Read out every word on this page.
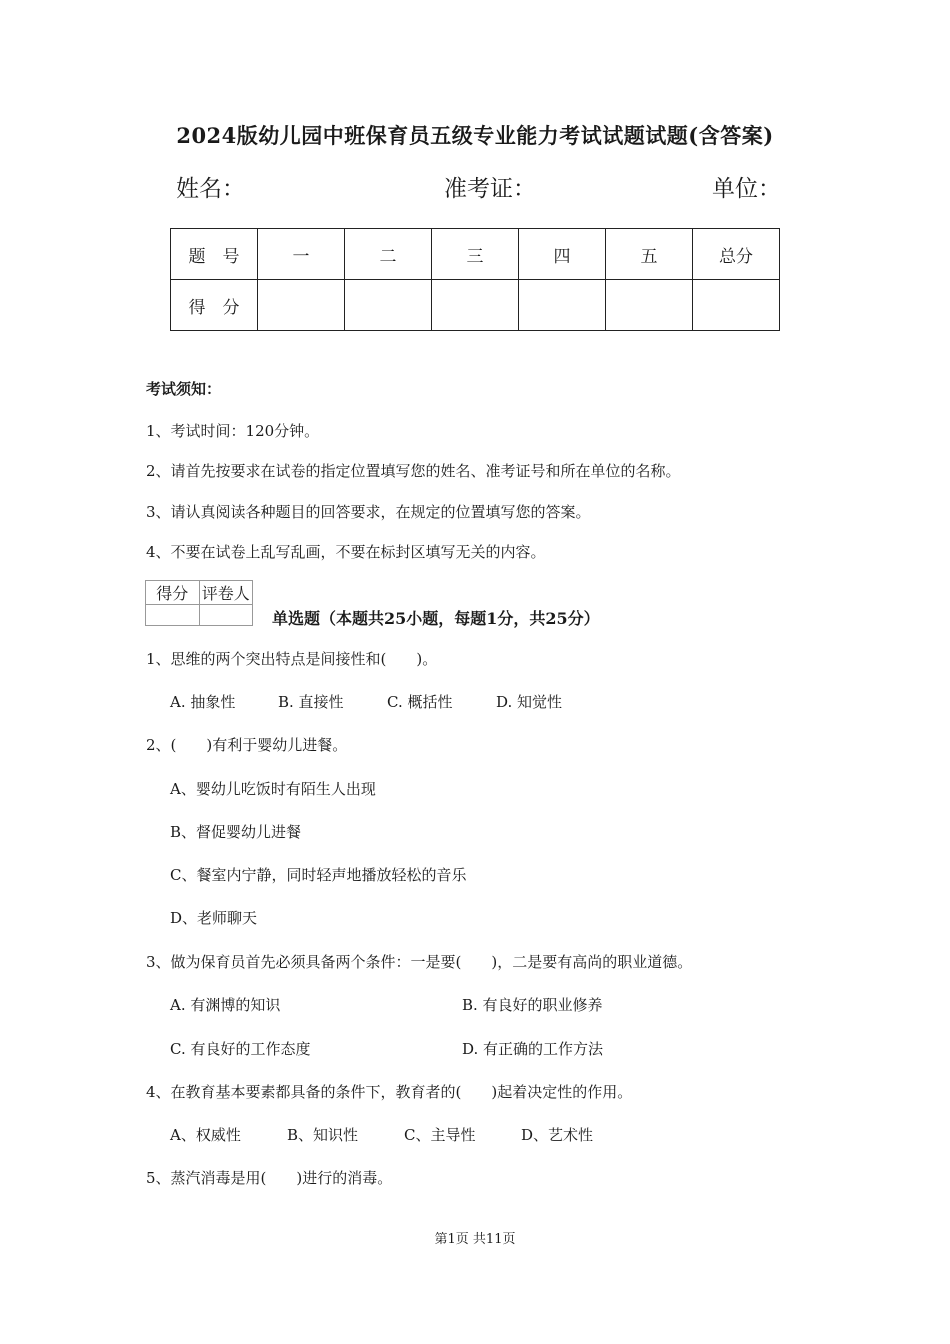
2024版幼儿园中班保育员五级专业能力考试试题试题(含答案)
姓名：	准考证：	单位：
题　号	一	二	三	四	五	总分
得　分						
考试须知：
1、考试时间：120分钟。
2、请首先按要求在试卷的指定位置填写您的姓名、准考证号和所在单位的名称。
3、请认真阅读各种题目的回答要求，在规定的位置填写您的答案。
4、不要在试卷上乱写乱画，不要在标封区填写无关的内容。
得分	评卷人

单选题（本题共25小题，每题1分，共25分）
1、思维的两个突出特点是间接性和(　　)。
A. 抽象性	B. 直接性	C. 概括性	D. 知觉性
2、(　　)有利于婴幼儿进餐。
A、婴幼儿吃饭时有陌生人出现
B、督促婴幼儿进餐
C、餐室内宁静，同时轻声地播放轻松的音乐
D、老师聊天
3、做为保育员首先必须具备两个条件：一是要(　　)，二是要有高尚的职业道德。
A. 有渊博的知识	B. 有良好的职业修养
C. 有良好的工作态度	D. 有正确的工作方法
4、在教育基本要素都具备的条件下，教育者的(　　)起着决定性的作用。
A、权威性	B、知识性	C、主导性	D、艺术性
5、蒸汽消毒是用(　　)进行的消毒。
第1页 共11页
